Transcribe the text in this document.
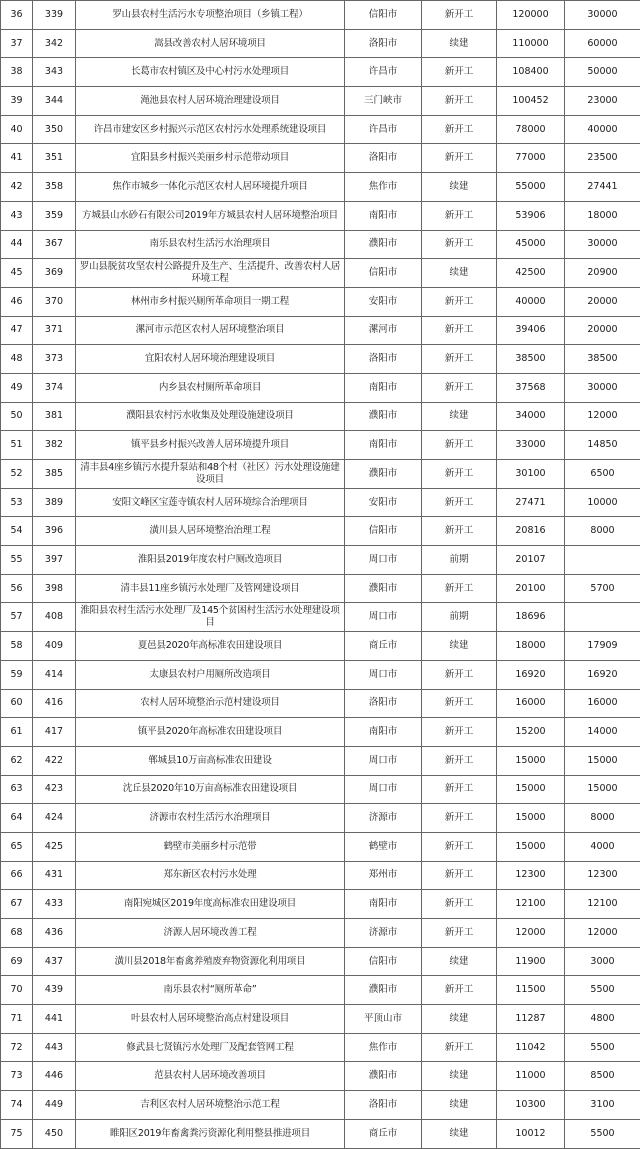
36	339	罗山县农村生活污水专项整治项目（乡镇工程）	信阳市	新开工	120000	30000
37	342	嵩县改善农村人居环境项目	洛阳市	续建	110000	60000
38	343	长葛市农村镇区及中心村污水处理项目	许昌市	新开工	108400	50000
39	344	渑池县农村人居环境治理建设项目	三门峡市	新开工	100452	23000
40	350	许昌市建安区乡村振兴示范区农村污水处理系统建设项目	许昌市	新开工	78000	40000
41	351	宜阳县乡村振兴美丽乡村示范带动项目	洛阳市	新开工	77000	23500
42	358	焦作市城乡一体化示范区农村人居环境提升项目	焦作市	续建	55000	27441
43	359	方城县山水砂石有限公司2019年方城县农村人居环境整治项目	南阳市	新开工	53906	18000
44	367	南乐县农村生活污水治理项目	濮阳市	新开工	45000	30000
45	369	罗山县脱贫攻坚农村公路提升及生产、生活提升、改善农村人居环境工程	信阳市	续建	42500	20900
46	370	林州市乡村振兴厕所革命项目一期工程	安阳市	新开工	40000	20000
47	371	漯河市示范区农村人居环境整治项目	漯河市	新开工	39406	20000
48	373	宜阳农村人居环境治理建设项目	洛阳市	新开工	38500	38500
49	374	内乡县农村厕所革命项目	南阳市	新开工	37568	30000
50	381	濮阳县农村污水收集及处理设施建设项目	濮阳市	续建	34000	12000
51	382	镇平县乡村振兴改善人居环境提升项目	南阳市	新开工	33000	14850
52	385	清丰县4座乡镇污水提升泵站和48个村（社区）污水处理设施建设项目	濮阳市	新开工	30100	6500
53	389	安阳文峰区宝莲寺镇农村人居环境综合治理项目	安阳市	新开工	27471	10000
54	396	潢川县人居环境整治治理工程	信阳市	新开工	20816	8000
55	397	淮阳县2019年度农村户厕改造项目	周口市	前期	20107	
56	398	清丰县11座乡镇污水处理厂及管网建设项目	濮阳市	新开工	20100	5700
57	408	淮阳县农村生活污水处理厂及145个贫困村生活污水处理建设项目	周口市	前期	18696	
58	409	夏邑县2020年高标准农田建设项目	商丘市	续建	18000	17909
59	414	太康县农村户用厕所改造项目	周口市	新开工	16920	16920
60	416	农村人居环境整治示范村建设项目	洛阳市	新开工	16000	16000
61	417	镇平县2020年高标准农田建设项目	南阳市	新开工	15200	14000
62	422	郸城县10万亩高标准农田建设	周口市	新开工	15000	15000
63	423	沈丘县2020年10万亩高标准农田建设项目	周口市	新开工	15000	15000
64	424	济源市农村生活污水治理项目	济源市	新开工	15000	8000
65	425	鹤壁市美丽乡村示范带	鹤壁市	新开工	15000	4000
66	431	郑东新区农村污水处理	郑州市	新开工	12300	12300
67	433	南阳宛城区2019年度高标准农田建设项目	南阳市	新开工	12100	12100
68	436	济源人居环境改善工程	济源市	新开工	12000	12000
69	437	潢川县2018年畜禽养殖废弃物资源化利用项目	信阳市	续建	11900	3000
70	439	南乐县农村“厕所革命”	濮阳市	新开工	11500	5500
71	441	叶县农村人居环境整治高点村建设项目	平顶山市	续建	11287	4800
72	443	修武县七贤镇污水处理厂及配套管网工程	焦作市	新开工	11042	5500
73	446	范县农村人居环境改善项目	濮阳市	续建	11000	8500
74	449	吉利区农村人居环境整治示范工程	洛阳市	续建	10300	3100
75	450	睢阳区2019年畜禽粪污资源化利用整县推进项目	商丘市	续建	10012	5500
